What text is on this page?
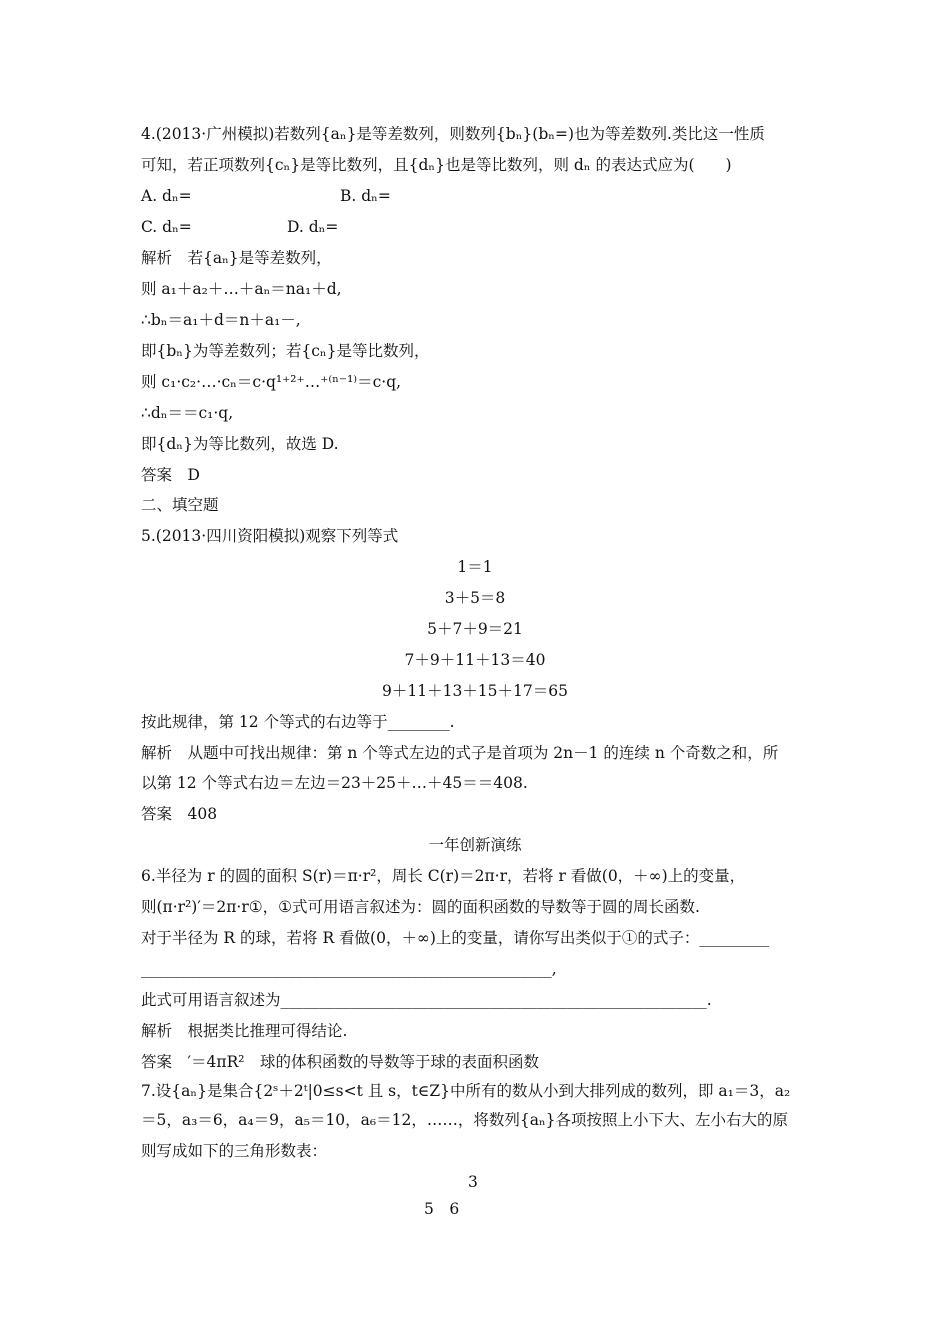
4.(2013·广州模拟)若数列{aₙ}是等差数列，则数列{bₙ}(bₙ=)也为等差数列.类比这一性质
可知，若正项数列{cₙ}是等比数列，且{dₙ}也是等比数列，则 dₙ 的表达式应为(　　)
A. dₙ=	B. dₙ=
C. dₙ=	D. dₙ=
解析　若{aₙ}是等差数列，
则 a₁＋a₂＋…＋aₙ＝na₁＋d,
∴bₙ＝a₁＋d＝n＋a₁－,
即{bₙ}为等差数列；若{cₙ}是等比数列，
则 c₁·c₂·…·cₙ＝c·q¹⁺²⁺…⁺⁽ⁿ⁻¹⁾＝c·q,
∴dₙ＝＝c₁·q,
即{dₙ}为等比数列，故选 D.
答案　D
二、填空题
5.(2013·四川资阳模拟)观察下列等式
1＝1
3＋5＝8
5＋7＋9＝21
7＋9＋11＋13＝40
9＋11＋13＋15＋17＝65
按此规律，第 12 个等式的右边等于________.
解析　从题中可找出规律：第 n 个等式左边的式子是首项为 2n－1 的连续 n 个奇数之和，所
以第 12 个等式右边＝左边＝23＋25＋…＋45＝＝408.
答案　408
一年创新演练
6.半径为 r 的圆的面积 S(r)＝π·r²，周长 C(r)＝2π·r，若将 r 看做(0，＋∞)上的变量，
则(π·r²)′＝2π·r①，①式可用语言叙述为：圆的面积函数的导数等于圆的周长函数.
对于半径为 R 的球，若将 R 看做(0，＋∞)上的变量，请你写出类似于①的式子：_________
_____________________________________________________,
此式可用语言叙述为_______________________________________________________.
解析　根据类比推理可得结论.
答案　′＝4πR²　球的体积函数的导数等于球的表面积函数
7.设{aₙ}是集合{2ˢ＋2ᵗ|0≤s<t 且 s，t∈Z}中所有的数从小到大排列成的数列，即 a₁＝3，a₂
＝5，a₃＝6，a₄＝9，a₅＝10，a₆＝12，……，将数列{aₙ}各项按照上小下大、左小右大的原
则写成如下的三角形数表：
3
5　6
